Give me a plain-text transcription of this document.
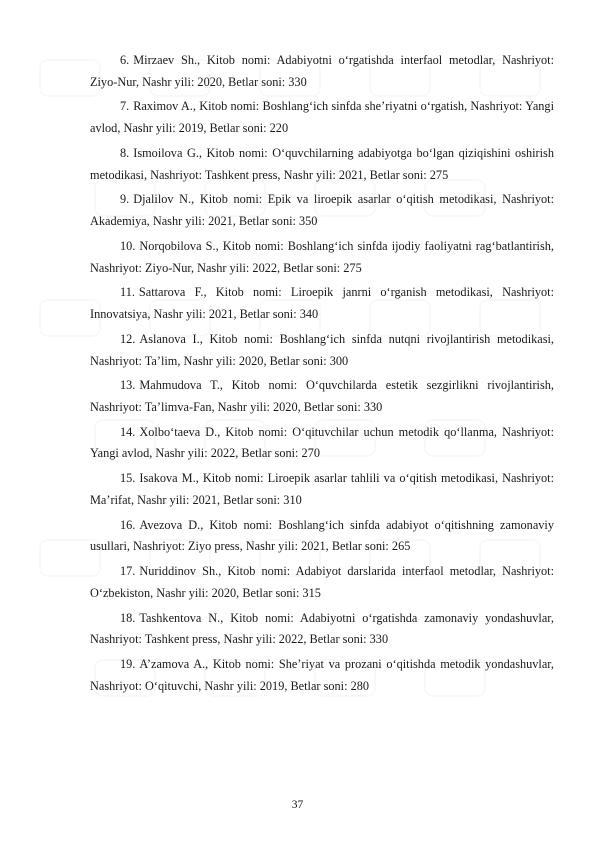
6. Mirzaev Sh., Kitob nomi: Adabiyotni o‘rgatishda interfaol metodlar, Nashriyot: Ziyo-Nur, Nashr yili: 2020, Betlar soni: 330

7. Raximov A., Kitob nomi: Boshlang‘ich sinfda she’riyatni o‘rgatish, Nashriyot: Yangi avlod, Nashr yili: 2019, Betlar soni: 220

8. Ismoilova G., Kitob nomi: O‘quvchilarning adabiyotga bo‘lgan qiziqishini oshirish metodikasi, Nashriyot: Tashkent press, Nashr yili: 2021, Betlar soni: 275

9. Djalilov N., Kitob nomi: Epik va liroepik asarlar o‘qitish metodikasi, Nashriyot: Akademiya, Nashr yili: 2021, Betlar soni: 350

10. Norqobilova S., Kitob nomi: Boshlang‘ich sinfda ijodiy faoliyatni rag‘batlantirish, Nashriyot: Ziyo-Nur, Nashr yili: 2022, Betlar soni: 275

11. Sattarova F., Kitob nomi: Liroepik janrni o‘rganish metodikasi, Nashriyot: Innovatsiya, Nashr yili: 2021, Betlar soni: 340

12. Aslanova I., Kitob nomi: Boshlang‘ich sinfda nutqni rivojlantirish metodikasi, Nashriyot: Ta’lim, Nashr yili: 2020, Betlar soni: 300

13. Mahmudova T., Kitob nomi: O‘quvchilarda estetik sezgirlikni rivojlantirish, Nashriyot: Ta’limva-Fan, Nashr yili: 2020, Betlar soni: 330

14. Xolbo‘taeva D., Kitob nomi: O‘qituvchilar uchun metodik qo‘llanma, Nashriyot: Yangi avlod, Nashr yili: 2022, Betlar soni: 270

15. Isakova M., Kitob nomi: Liroepik asarlar tahlili va o‘qitish metodikasi, Nashriyot: Ma’rifat, Nashr yili: 2021, Betlar soni: 310

16. Avezova D., Kitob nomi: Boshlang‘ich sinfda adabiyot o‘qitishning zamonaviy usullari, Nashriyot: Ziyo press, Nashr yili: 2021, Betlar soni: 265

17. Nuriddinov Sh., Kitob nomi: Adabiyot darslarida interfaol metodlar, Nashriyot: O‘zbekiston, Nashr yili: 2020, Betlar soni: 315

18. Tashkentova N., Kitob nomi: Adabiyotni o‘rgatishda zamonaviy yondashuvlar, Nashriyot: Tashkent press, Nashr yili: 2022, Betlar soni: 330

19. A’zamova A., Kitob nomi: She’riyat va prozani o‘qitishda metodik yondashuvlar, Nashriyot: O‘qituvchi, Nashr yili: 2019, Betlar soni: 280

37
